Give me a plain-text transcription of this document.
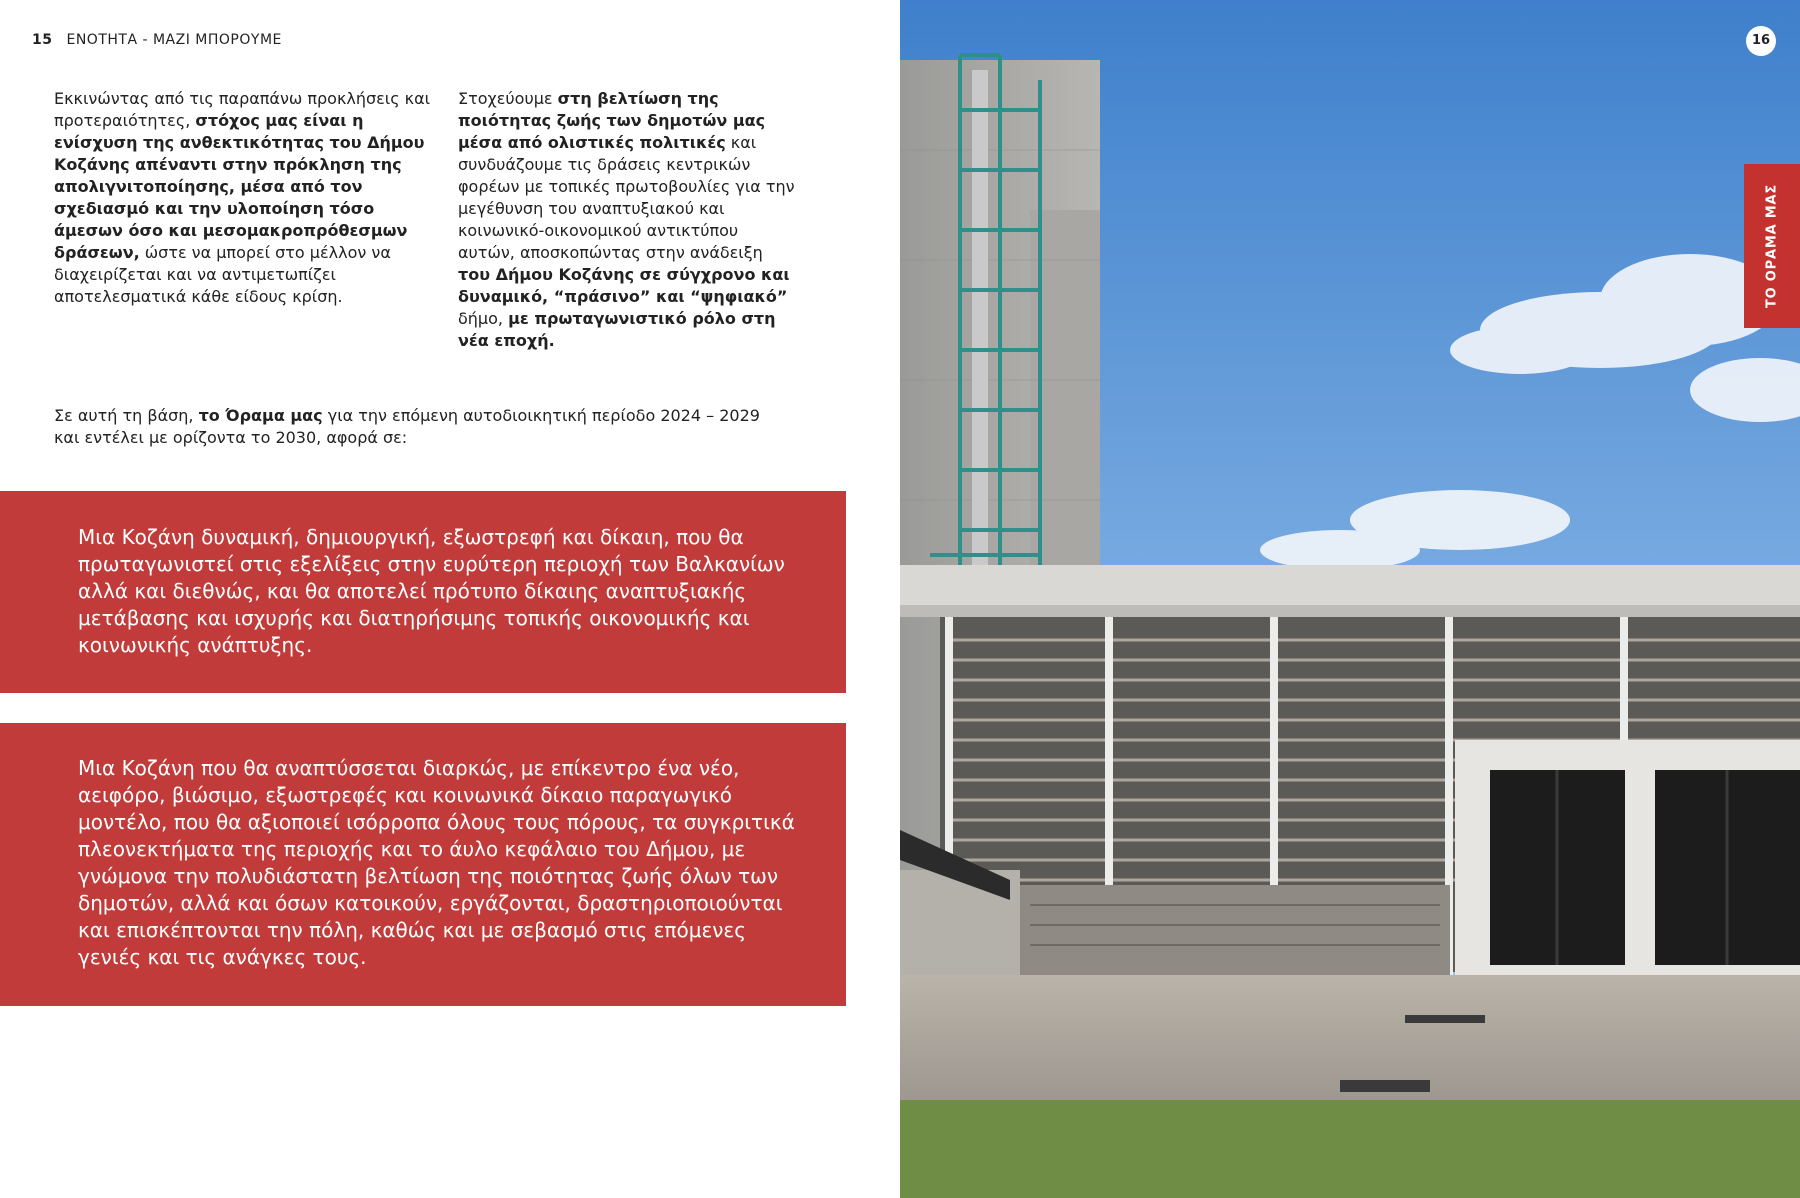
15 ΕΝΟΤΗΤΑ - ΜΑΖΙ ΜΠΟΡΟΥΜΕ
Εκκινώντας από τις παραπάνω προκλήσεις και προτεραιότητες, στόχος μας είναι η ενίσχυση της ανθεκτικότητας του Δήμου Κοζάνης απέναντι στην πρόκληση της απολιγνιτοποίησης, μέσα από τον σχεδιασμό και την υλοποίηση τόσο άμεσων όσο και μεσομακροπρόθεσμων δράσεων, ώστε να μπορεί στο μέλλον να διαχειρίζεται και να αντιμετωπίζει αποτελεσματικά κάθε είδους κρίση.
Στοχεύουμε στη βελτίωση της ποιότητας ζωής των δημοτών μας μέσα από ολιστικές πολιτικές και συνδυάζουμε τις δράσεις κεντρικών φορέων με τοπικές πρωτοβουλίες για την μεγέθυνση του αναπτυξιακού και κοινωνικό-οικονομικού αντικτύπου αυτών, αποσκοπώντας στην ανάδειξη του Δήμου Κοζάνης σε σύγχρονο και δυναμικό, “πράσινο” και “ψηφιακό” δήμο, με πρωταγωνιστικό ρόλο στη νέα εποχή.
Σε αυτή τη βάση, το Όραμα μας για την επόμενη αυτοδιοικητική περίοδο 2024 – 2029 και εντέλει με ορίζοντα το 2030, αφορά σε:

Μια Κοζάνη δυναμική, δημιουργική, εξωστρεφή και δίκαιη, που θα πρωταγωνιστεί στις εξελίξεις στην ευρύτερη περιοχή των Βαλκανίων αλλά και διεθνώς, και θα αποτελεί πρότυπο δίκαιης αναπτυξιακής μετάβασης και ισχυρής και διατηρήσιμης τοπικής οικονομικής και κοινωνικής ανάπτυξης.

Μια Κοζάνη που θα αναπτύσσεται διαρκώς, με επίκεντρο ένα νέο, αειφόρο, βιώσιμο, εξωστρεφές και κοινωνικά δίκαιο παραγωγικό μοντέλο, που θα αξιοποιεί ισόρροπα όλους τους πόρους, τα συγκριτικά πλεονεκτήματα της περιοχής και το άυλο κεφάλαιο του Δήμου, με γνώμονα την πολυδιάστατη βελτίωση της ποιότητας ζωής όλων των δημοτών, αλλά και όσων κατοικούν, εργάζονται, δραστηριοποιούνται και επισκέπτονται την πόλη, καθώς και με σεβασμό στις επόμενες γενιές και τις ανάγκες τους.

16
ΤΟ ΟΡΑΜΑ ΜΑΣ
